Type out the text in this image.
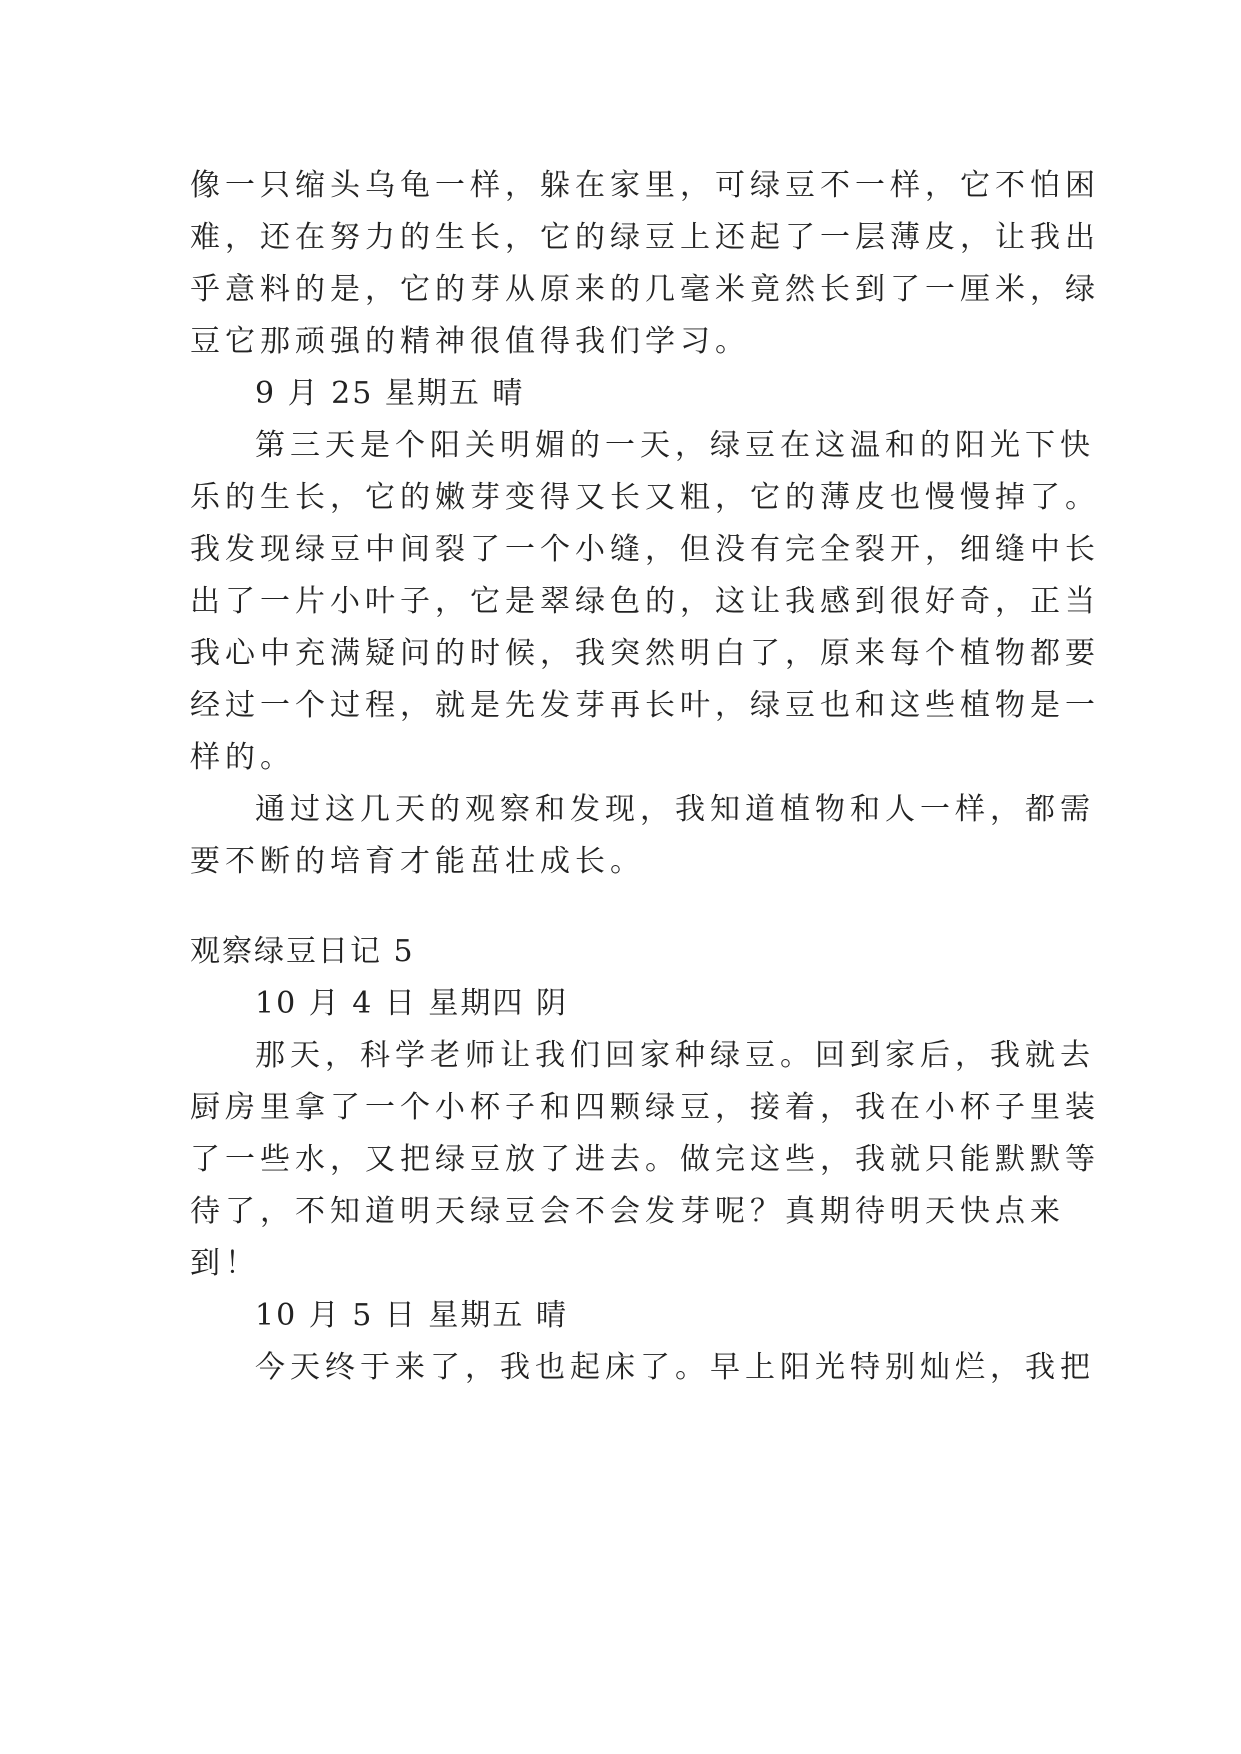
像一只缩头乌龟一样，躲在家里，可绿豆不一样，它不怕困

难，还在努力的生长，它的绿豆上还起了一层薄皮，让我出

乎意料的是，它的芽从原来的几毫米竟然长到了一厘米，绿

豆它那顽强的精神很值得我们学习。

9 月 25 星期五 晴

第三天是个阳关明媚的一天，绿豆在这温和的阳光下快

乐的生长，它的嫩芽变得又长又粗，它的薄皮也慢慢掉了。

我发现绿豆中间裂了一个小缝，但没有完全裂开，细缝中长

出了一片小叶子，它是翠绿色的，这让我感到很好奇，正当

我心中充满疑问的时候，我突然明白了，原来每个植物都要

经过一个过程，就是先发芽再长叶，绿豆也和这些植物是一

样的。

通过这几天的观察和发现，我知道植物和人一样，都需

要不断的培育才能茁壮成长。

观察绿豆日记 5

10 月 4 日 星期四 阴

那天，科学老师让我们回家种绿豆。回到家后，我就去

厨房里拿了一个小杯子和四颗绿豆，接着，我在小杯子里装

了一些水，又把绿豆放了进去。做完这些，我就只能默默等

待了，不知道明天绿豆会不会发芽呢？真期待明天快点来

到！

10 月 5 日 星期五 晴

今天终于来了，我也起床了。早上阳光特别灿烂，我把
